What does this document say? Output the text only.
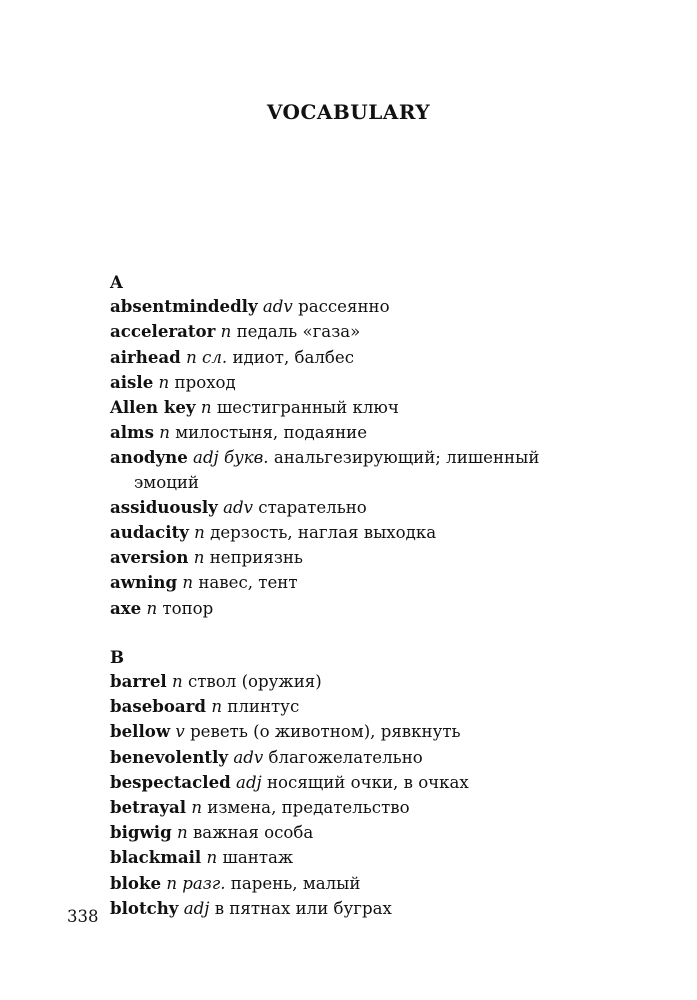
VOCABULARY
A
absentmindedly adv рассеянно
accelerator n педаль «газа»
airhead n сл. идиот, балбес
aisle n проход
Allen key n шестигранный ключ
alms n милостыня, подаяние
anodyne adj букв. анальгезирующий; лишенный эмоций
assiduously adv старательно
audacity n дерзость, наглая выходка
aversion n неприязнь
awning n навес, тент
axe n топор
B
barrel n ствол (оружия)
baseboard n плинтус
bellow v реветь (о животном), рявкнуть
benevolently adv благожелательно
bespectacled adj носящий очки, в очках
betrayal n измена, предательство
bigwig n важная особа
blackmail n шантаж
bloke n разг. парень, малый
blotchy adj в пятнах или буграх
338
